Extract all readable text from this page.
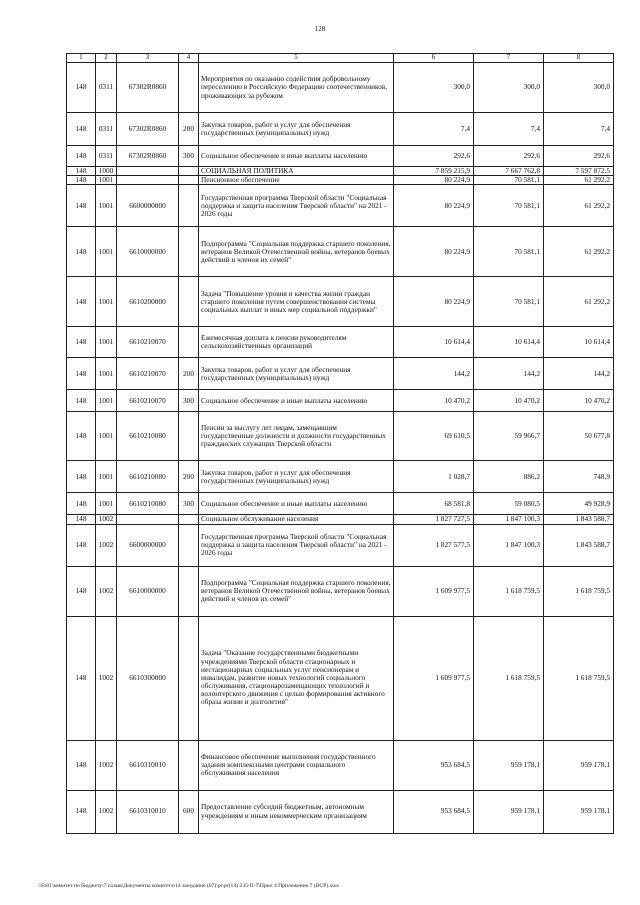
128
1	2	3	4	5	6	7	8
148	0311	67302R0860		Мероприятия по оказанию содействия добровольному переселению в Российскую Федерацию соотечественников, проживающих за рубежом	300,0	300,0	300,0
148	0311	67302R0860	200	Закупка товаров, работ и услуг для обеспечения государственных (муниципальных) нужд	7,4	7,4	7,4
148	0311	67302R0860	300	Социальное обеспечение и иные выплаты населению	292,6	292,6	292,6
148	1000			СОЦИАЛЬНАЯ ПОЛИТИКА	7 859 215,9	7 667 762,8	7 597 872,5
148	1001			Пенсионное обеспечение	80 224,9	70 581,1	61 292,2
148	1001	6600000000		Государственная программа Тверской области "Социальная поддержка и защита населения Тверской области" на 2021 - 2026 годы	80 224,9	70 581,1	61 292,2
148	1001	6610000000		Подпрограмма "Социальная поддержка старшего поколения, ветеранов Великой Отечественной войны, ветеранов боевых действий и членов их семей"	80 224,9	70 581,1	61 292,2
148	1001	6610200000		Задача "Повышение уровня и качества жизни граждан старшего поколения путем совершенствования системы социальных выплат и иных мер социальной поддержки"	80 224,9	70 581,1	61 292,2
148	1001	6610210070		Ежемесячная доплата к пенсии руководителям сельскохозяйственных организаций	10 614,4	10 614,4	10 614,4
148	1001	6610210070	200	Закупка товаров, работ и услуг для обеспечения государственных (муниципальных) нужд	144,2	144,2	144,2
148	1001	6610210070	300	Социальное обеспечение и иные выплаты населению	10 470,2	10 470,2	10 470,2
148	1001	6610210080		Пенсии за выслугу лет лицам, замещавшим государственные должности и должности государственных гражданских служащих Тверской области	69 610,5	59 966,7	50 677,8
148	1001	6610210080	200	Закупка товаров, работ и услуг для обеспечения государственных (муниципальных) нужд	1 028,7	886,2	748,9
148	1001	6610210080	300	Социальное обеспечение и иные выплаты населению	68 581,8	59 080,5	49 928,9
148	1002			Социальное обслуживание населения	1 827 727,5	1 847 100,3	1 843 588,7
148	1002	6600000000		Государственная программа Тверской области "Социальная поддержка и защита населения Тверской области" на 2021 - 2026 годы	1 827 577,5	1 847 100,3	1 843 588,7
148	1002	6610000000		Подпрограмма "Социальная поддержка старшего поколения, ветеранов Великой Отечественной войны, ветеранов боевых действий и членов их семей"	1 609 977,5	1 618 759,5	1 618 759,5
148	1002	6610300000		Задача "Оказание государственными бюджетными учреждениями Тверской области стационарных и нестационарных социальных услуг пенсионерам и инвалидам, развитие новых технологий социального обслуживания, стационарозамещающих технологий и волонтерского движения с целью формирования активного образа жизни и долголетия"	1 609 977,5	1 618 759,5	1 618 759,5
148	1002	6610310010		Финансовое обеспечение выполнения государственного задания комплексными центрами социального обслуживания населения	953 684,5	959 178,1	959 178,1
148	1002	6610310010	600	Предоставление субсидий бюджетным, автономным учреждениям и иным некоммерческим организациям	953 684,5	959 178,1	959 178,1
\\Fs01\комитет по бюджету\7 созыв\Документы комитета\14 заседание (07)\pr\pr(14) 235-П-7\Прил 4 Приложение 7 (ВСР).xlsx
